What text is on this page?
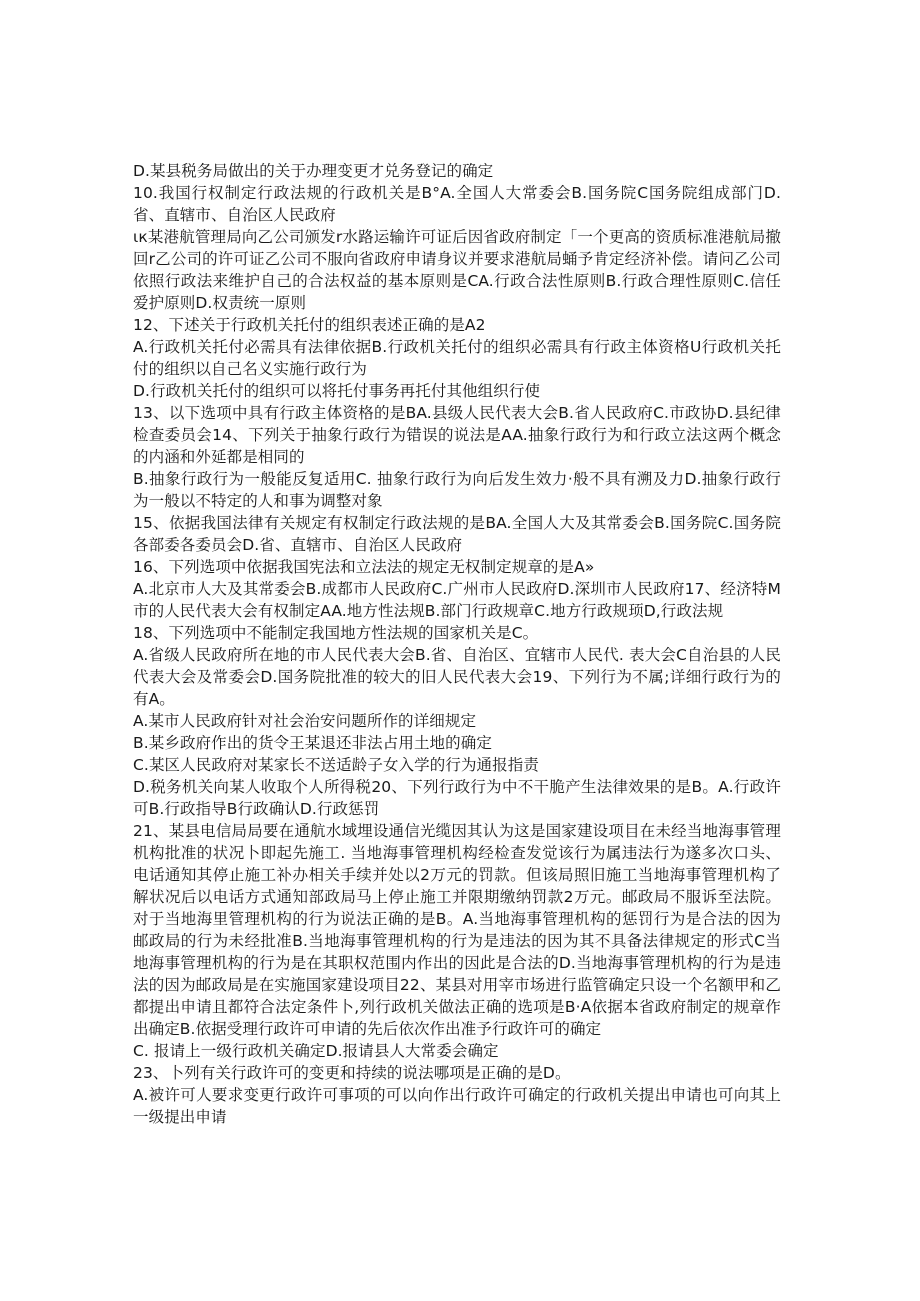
D.某县税务局做出的关于办理变更才兑务登记的确定

10.我国行权制定行政法规的行政机关是B°A.全国人大常委会B.国务院C国务院组成部门D.省、直辖市、自治区人民政府

ιк某港航管理局向乙公司颁发r水路运输许可证后因省政府制定「一个更高的资质标准港航局撤回r乙公司的许可证乙公司不服向省政府申请身议并要求港航局蛹予肯定经济补偿。请问乙公司依照行政法来维护自己的合法权益的基本原则是CA.行政合法性原则B.行政合理性原则C.信任爱护原则D.权责统一原则

12、下述关于行政机关托付的组织表述正确的是A2

A.行政机关托付必需具有法律依据B.行政机关托付的组织必需具有行政主体资格U行政机关托付的组织以自己名义实施行政行为

D.行政机关托付的组织可以将托付事务再托付其他组织行使

13、以下选项中具有行政主体资格的是BA.县级人民代表大会B.省人民政府C.市政协D.县纪律检查委员会14、下列关于抽象行政行为错误的说法是AA.抽象行政行为和行政立法这两个概念的内涵和外延都是相同的

B.抽象行政行为一般能反复适用C. 抽象行政行为向后发生效力·般不具有溯及力D.抽象行政行为一般以不特定的人和事为调整对象

15、依据我国法律有关规定有权制定行政法规的是BA.全国人大及其常委会B.国务院C.国务院各部委各委员会D.省、直辖市、自治区人民政府

16、下列选项中依据我国宪法和立法法的规定无权制定规章的是A»

A.北京市人大及其常委会B.成都市人民政府C.广州市人民政府D.深圳市人民政府17、经济特M市的人民代表大会有权制定AA.地方性法规B.部门行政规章C.地方行政规顼D,行政法规

18、下列选项中不能制定我国地方性法规的国家机关是C。

A.省级人民政府所在地的市人民代表大会B.省、自治区、宜辖市人民代. 表大会C自治县的人民代表大会及常委会D.国务院批准的较大的旧人民代表大会19、下列行为不属;详细行政行为的有A。

A.某市人民政府针对社会治安问题所作的详细规定

B.某乡政府作出的货令王某退还非法占用土地的确定

C.某区人民政府对某家长不送适龄子女入学的行为通报指责

D.税务机关向某人收取个人所得税20、下列行政行为中不干脆产生法律效果的是B。A.行政许可B.行政指导B行政确认D.行政惩罚

21、某县电信局局要在通航水域埋设通信光缆因其认为这是国家建设项目在未经当地海事管理机构批准的状况卜即起先施工. 当地海事管理机构经检查发觉该行为属违法行为遂多次口头、电话通知其停止施工补办相关手续并处以2万元的罚款。但该局照旧施工当地海事管理机构了解状况后以电话方式通知部政局马上停止施工并限期缴纳罚款2万元。邮政局不服诉至法院。对于当地海里管理机构的行为说法正确的是B。A.当地海事管理机构的惩罚行为是合法的因为邮政局的行为未经批准B.当地海事管理机构的行为是违法的因为其不具备法律规定的形式C当地海事管理机构的行为是在其职权范围内作出的因此是合法的D.当地海事管理机构的行为是违法的因为邮政局是在实施国家建设项目22、某县对用宰市场进行监管确定只设一个名额甲和乙都提出申请且都符合法定条件卜,列行政机关做法正确的选项是B·A依据本省政府制定的规章作出确定B.依据受理行政许可申请的先后依次作出准予行政许可的确定

C. 报请上一级行政机关确定D.报请县人大常委会确定

23、卜列有关行政许可的变更和持续的说法哪项是正确的是D。

A.被许可人要求变更行政许可事项的可以向作出行政许可确定的行政机关提出申请也可向其上一级提出申请
